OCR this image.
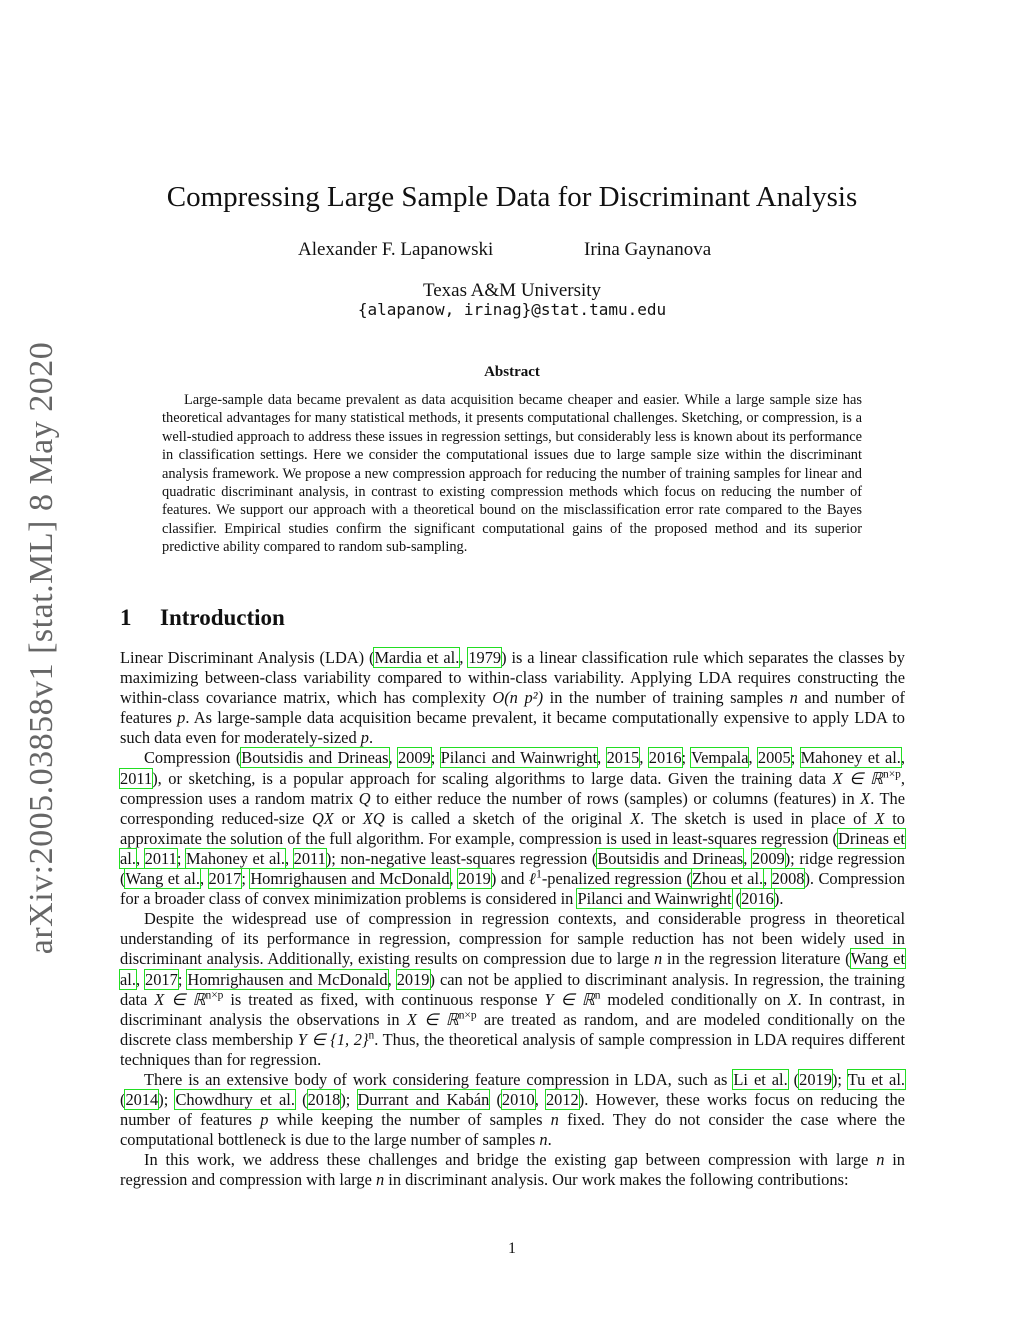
arXiv:2005.03858v1 [stat.ML] 8 May 2020
Compressing Large Sample Data for Discriminant Analysis
Alexander F. Lapanowski	Irina Gaynanova
Texas A&M University
{alapanow, irinag}@stat.tamu.edu
Abstract
Large-sample data became prevalent as data acquisition became cheaper and easier. While a large sample size has theoretical advantages for many statistical methods, it presents computational challenges. Sketching, or compression, is a well-studied approach to address these issues in regression settings, but considerably less is known about its performance in classification settings. Here we consider the computational issues due to large sample size within the discriminant analysis framework. We propose a new compression approach for reducing the number of training samples for linear and quadratic discriminant analysis, in contrast to existing compression methods which focus on reducing the number of features. We support our approach with a theoretical bound on the misclassification error rate compared to the Bayes classifier. Empirical studies confirm the significant computational gains of the proposed method and its superior predictive ability compared to random sub-sampling.
1 Introduction

Linear Discriminant Analysis (LDA) (Mardia et al., 1979) is a linear classification rule which separates the classes by maximizing between-class variability compared to within-class variability. Applying LDA requires constructing the within-class covariance matrix, which has complexity O(n p²) in the number of training samples n and number of features p. As large-sample data acquisition became prevalent, it became computationally expensive to apply LDA to such data even for moderately-sized p.

Compression (Boutsidis and Drineas, 2009; Pilanci and Wainwright, 2015, 2016; Vempala, 2005; Mahoney et al., 2011), or sketching, is a popular approach for scaling algorithms to large data. Given the training data X ∈ ℝ$^{n\times p}$, compression uses a random matrix Q to either reduce the number of rows (samples) or columns (features) in X. The corresponding reduced-size QX or XQ is called a sketch of the original X. The sketch is used in place of X to approximate the solution of the full algorithm. For example, compression is used in least-squares regression (Drineas et al., 2011; Mahoney et al., 2011); non-negative least-squares regression (Boutsidis and Drineas, 2009); ridge regression (Wang et al., 2017; Homrighausen and McDonald, 2019) and ℓ$^1$-penalized regression (Zhou et al., 2008). Compression for a broader class of convex minimization problems is considered in Pilanci and Wainwright (2016).

Despite the widespread use of compression in regression contexts, and considerable progress in theoretical understanding of its performance in regression, compression for sample reduction has not been widely used in discriminant analysis. Additionally, existing results on compression due to large n in the regression literature (Wang et al., 2017; Homrighausen and McDonald, 2019) can not be applied to discriminant analysis. In regression, the training data X ∈ ℝ$^{n\times p}$ is treated as fixed, with continuous response Y ∈ ℝ$^n$ modeled conditionally on X. In contrast, in discriminant analysis the observations in X ∈ ℝ$^{n\times p}$ are treated as random, and are modeled conditionally on the discrete class membership Y ∈ {1, 2}$^n$. Thus, the theoretical analysis of sample compression in LDA requires different techniques than for regression.

There is an extensive body of work considering feature compression in LDA, such as Li et al. (2019); Tu et al. (2014); Chowdhury et al. (2018); Durrant and Kabán (2010, 2012). However, these works focus on reducing the number of features p while keeping the number of samples n fixed. They do not consider the case where the computational bottleneck is due to the large number of samples n.

In this work, we address these challenges and bridge the existing gap between compression with large n in regression and compression with large n in discriminant analysis. Our work makes the following contributions:

1
